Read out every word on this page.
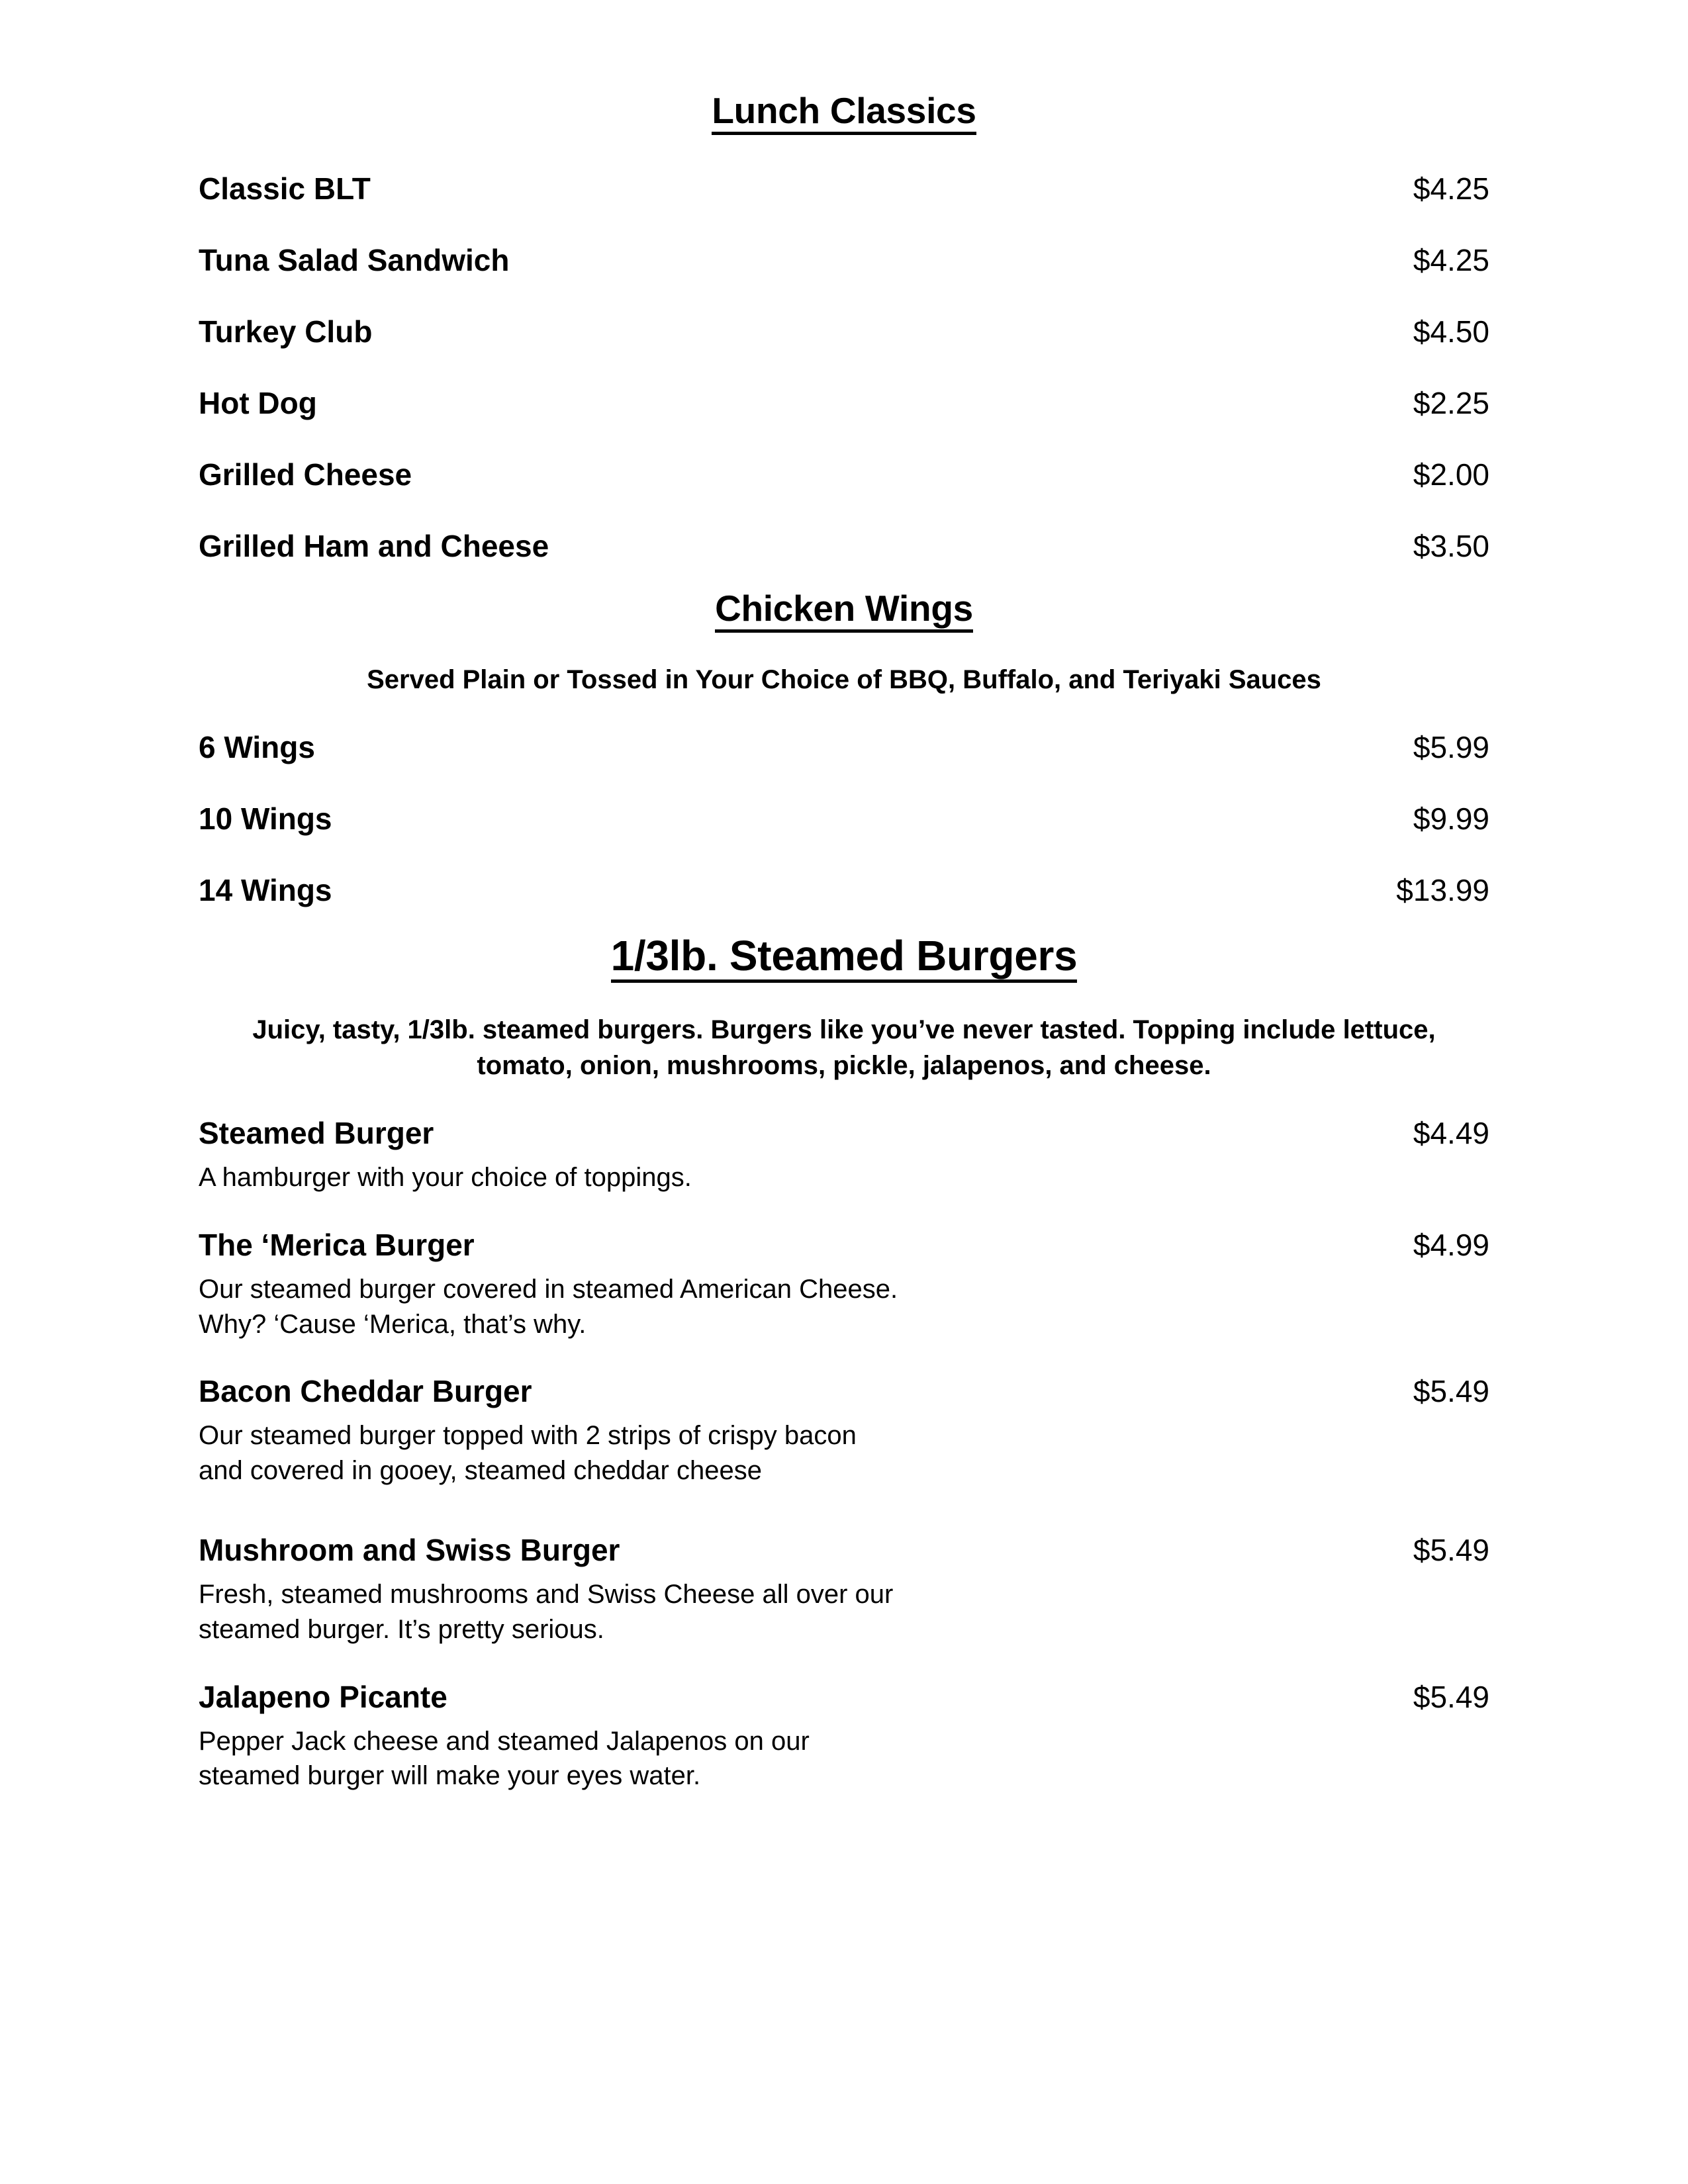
Lunch Classics
Classic BLT	$4.25
Tuna Salad Sandwich	$4.25
Turkey Club	$4.50
Hot Dog	$2.25
Grilled Cheese	$2.00
Grilled Ham and Cheese	$3.50
Chicken Wings
Served Plain or Tossed in Your Choice of BBQ, Buffalo, and Teriyaki Sauces
6 Wings	$5.99
10 Wings	$9.99
14 Wings	$13.99
1/3lb. Steamed Burgers
Juicy, tasty, 1/3lb. steamed burgers. Burgers like you’ve never tasted. Topping include lettuce, tomato, onion, mushrooms, pickle, jalapenos, and cheese.
Steamed Burger	$4.49
A hamburger with your choice of toppings.
The ‘Merica Burger	$4.99
Our steamed burger covered in steamed American Cheese.
Why? ‘Cause ‘Merica, that’s why.
Bacon Cheddar Burger	$5.49
Our steamed burger topped with 2 strips of crispy bacon
and covered in gooey, steamed cheddar cheese
Mushroom and Swiss Burger	$5.49
Fresh, steamed mushrooms and Swiss Cheese all over our
steamed burger. It’s pretty serious.
Jalapeno Picante	$5.49
Pepper Jack cheese and steamed Jalapenos on our
steamed burger will make your eyes water.
